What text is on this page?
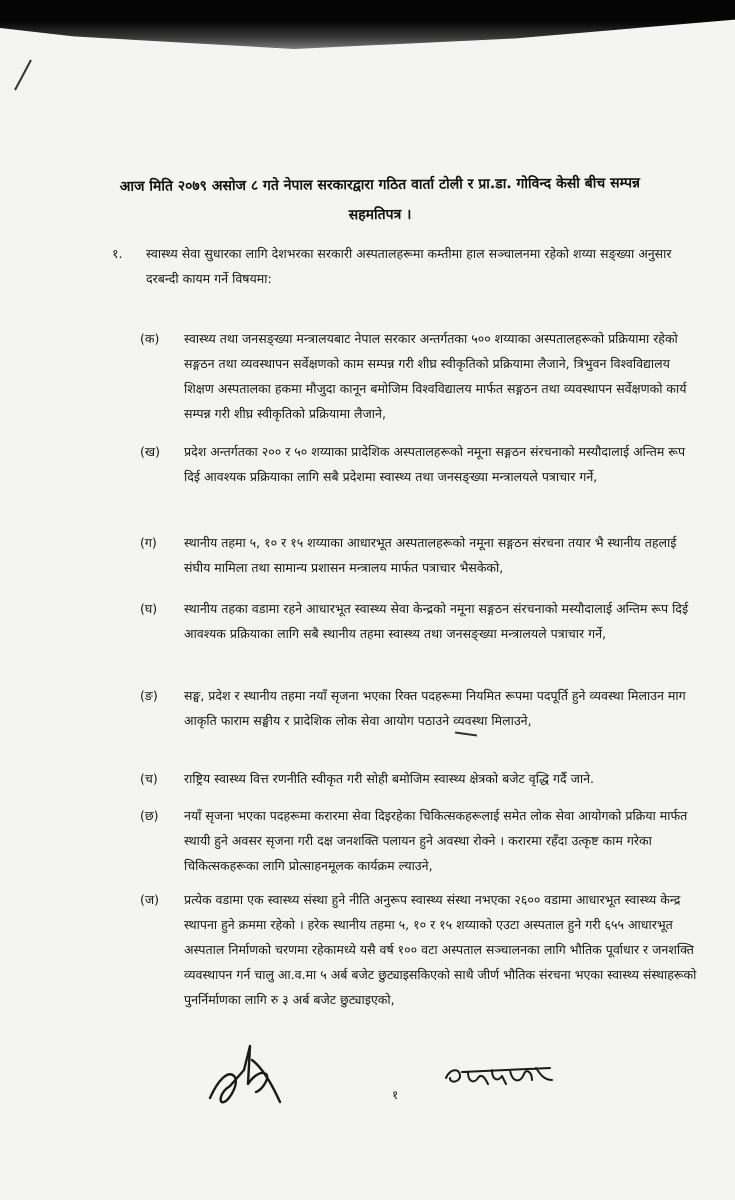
आज मिति २०७९ असोज ८ गते नेपाल सरकारद्वारा गठित वार्ता टोली र प्रा.डा. गोविन्द केसी बीच सम्पन्न सहमतिपत्र ।
१. स्वास्थ्य सेवा सुधारका लागि देशभरका सरकारी अस्पतालहरूमा कम्तीमा हाल सञ्चालनमा रहेको शय्या सङ्ख्या अनुसार दरबन्दी कायम गर्ने विषयमा:
(क) स्वास्थ्य तथा जनसङ्ख्या मन्त्रालयबाट नेपाल सरकार अन्तर्गतका ५०० शय्याका अस्पतालहरूको प्रक्रियामा रहेको सङ्गठन तथा व्यवस्थापन सर्वेक्षणको काम सम्पन्न गरी शीघ्र स्वीकृतिको प्रक्रियामा लैजाने, त्रिभुवन विश्वविद्यालय शिक्षण अस्पतालका हकमा मौजुदा कानून बमोजिम विश्वविद्यालय मार्फत सङ्गठन तथा व्यवस्थापन सर्वेक्षणको कार्य सम्पन्न गरी शीघ्र स्वीकृतिको प्रक्रियामा लैजाने,
(ख) प्रदेश अन्तर्गतका २०० र ५० शय्याका प्रादेशिक अस्पतालहरूको नमूना सङ्गठन संरचनाको मस्यौदालाई अन्तिम रूप दिई आवश्यक प्रक्रियाका लागि सबै प्रदेशमा स्वास्थ्य तथा जनसङ्ख्या मन्त्रालयले पत्राचार गर्ने,
(ग) स्थानीय तहमा ५, १० र १५ शय्याका आधारभूत अस्पतालहरूको नमूना सङ्गठन संरचना तयार भै स्थानीय तहलाई संघीय मामिला तथा सामान्य प्रशासन मन्त्रालय मार्फत पत्राचार भैसकेको,
(घ) स्थानीय तहका वडामा रहने आधारभूत स्वास्थ्य सेवा केन्द्रको नमूना सङ्गठन संरचनाको मस्यौदालाई अन्तिम रूप दिई आवश्यक प्रक्रियाका लागि सबै स्थानीय तहमा स्वास्थ्य तथा जनसङ्ख्या मन्त्रालयले पत्राचार गर्ने,
(ङ) सङ्घ, प्रदेश र स्थानीय तहमा नयाँ सृजना भएका रिक्त पदहरूमा नियमित रूपमा पदपूर्ति हुने व्यवस्था मिलाउन माग आकृति फाराम सङ्घीय र प्रादेशिक लोक सेवा आयोग पठाउने व्यवस्था मिलाउने,
(च) राष्ट्रिय स्वास्थ्य वित्त रणनीति स्वीकृत गरी सोही बमोजिम स्वास्थ्य क्षेत्रको बजेट वृद्धि गर्दै जाने.
(छ) नयाँ सृजना भएका पदहरूमा करारमा सेवा दिइरहेका चिकित्सकहरूलाई समेत लोक सेवा आयोगको प्रक्रिया मार्फत स्थायी हुने अवसर सृजना गरी दक्ष जनशक्ति पलायन हुने अवस्था रोक्ने । करारमा रहँदा उत्कृष्ट काम गरेका चिकित्सकहरूका लागि प्रोत्साहनमूलक कार्यक्रम ल्याउने,
(ज) प्रत्येक वडामा एक स्वास्थ्य संस्था हुने नीति अनुरूप स्वास्थ्य संस्था नभएका २६०० वडामा आधारभूत स्वास्थ्य केन्द्र स्थापना हुने क्रममा रहेको । हरेक स्थानीय तहमा ५, १० र १५ शय्याको एउटा अस्पताल हुने गरी ६५५ आधारभूत अस्पताल निर्माणको चरणमा रहेकामध्ये यसै वर्ष १०० वटा अस्पताल सञ्चालनका लागि भौतिक पूर्वाधार र जनशक्ति व्यवस्थापन गर्न चालु आ.व.मा ५ अर्ब बजेट छुट्याइसकिएको साथै जीर्ण भौतिक संरचना भएका स्वास्थ्य संस्थाहरूको पुनर्निर्माणका लागि रु ३ अर्ब बजेट छुट्याइएको,
१
